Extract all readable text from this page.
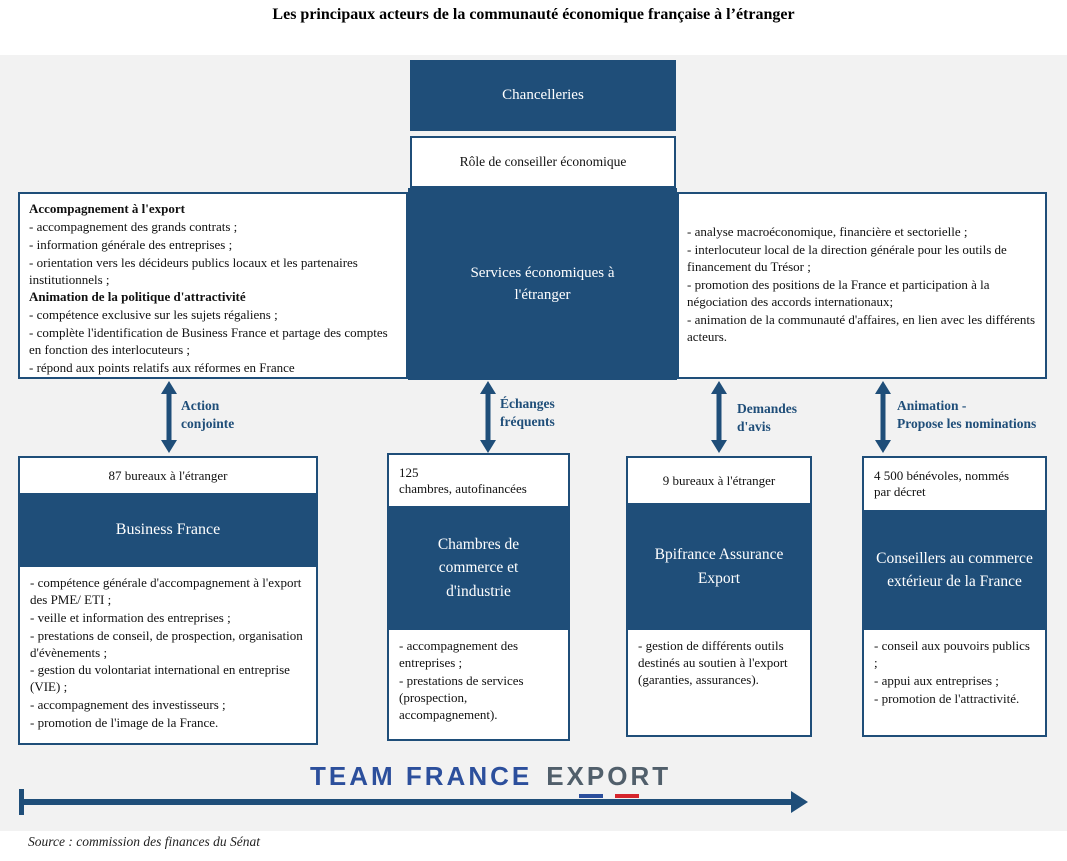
Les principaux acteurs de la communauté économique française à l’étranger
Chancelleries
Rôle de conseiller économique
Accompagnement à l'export
- accompagnement des grands contrats ;
- information générale des entreprises ;
- orientation vers les décideurs publics locaux et les partenaires institutionnels ;
Animation de la politique d'attractivité
- compétence exclusive sur les sujets régaliens ;
- complète l'identification de Business France et partage des comptes en fonction des interlocuteurs ;
- répond aux points relatifs aux réformes en France
Services économiques à l'étranger
- analyse macroéconomique, financière et sectorielle ;
- interlocuteur local de la direction générale pour les outils de financement du Trésor ;
- promotion des positions de la France et participation à la négociation des accords internationaux;
- animation de la communauté d'affaires, en lien avec les différents acteurs.
Action
conjointe
Échanges
fréquents
Demandes
d'avis
Animation -
Propose les nominations
87 bureaux à l'étranger
Business France
- compétence générale d'accompagnement à l'export des PME/ ETI ;
- veille et information des entreprises ;
- prestations de conseil, de prospection, organisation d'évènements ;
- gestion du volontariat international en entreprise (VIE) ;
- accompagnement des investisseurs ;
- promotion de l'image de la France.
125
chambres, autofinancées
Chambres de commerce et d'industrie
- accompagnement des entreprises ;
- prestations de services (prospection, accompagnement).
9 bureaux à l'étranger
Bpifrance Assurance Export
- gestion de différents outils destinés au soutien à l'export (garanties, assurances).
4 500 bénévoles, nommés
par décret
Conseillers au commerce extérieur de la France
- conseil aux pouvoirs publics ;
- appui aux entreprises ;
- promotion de l'attractivité.
TEAM FRANCE EXPORT
Source : commission des finances du Sénat
